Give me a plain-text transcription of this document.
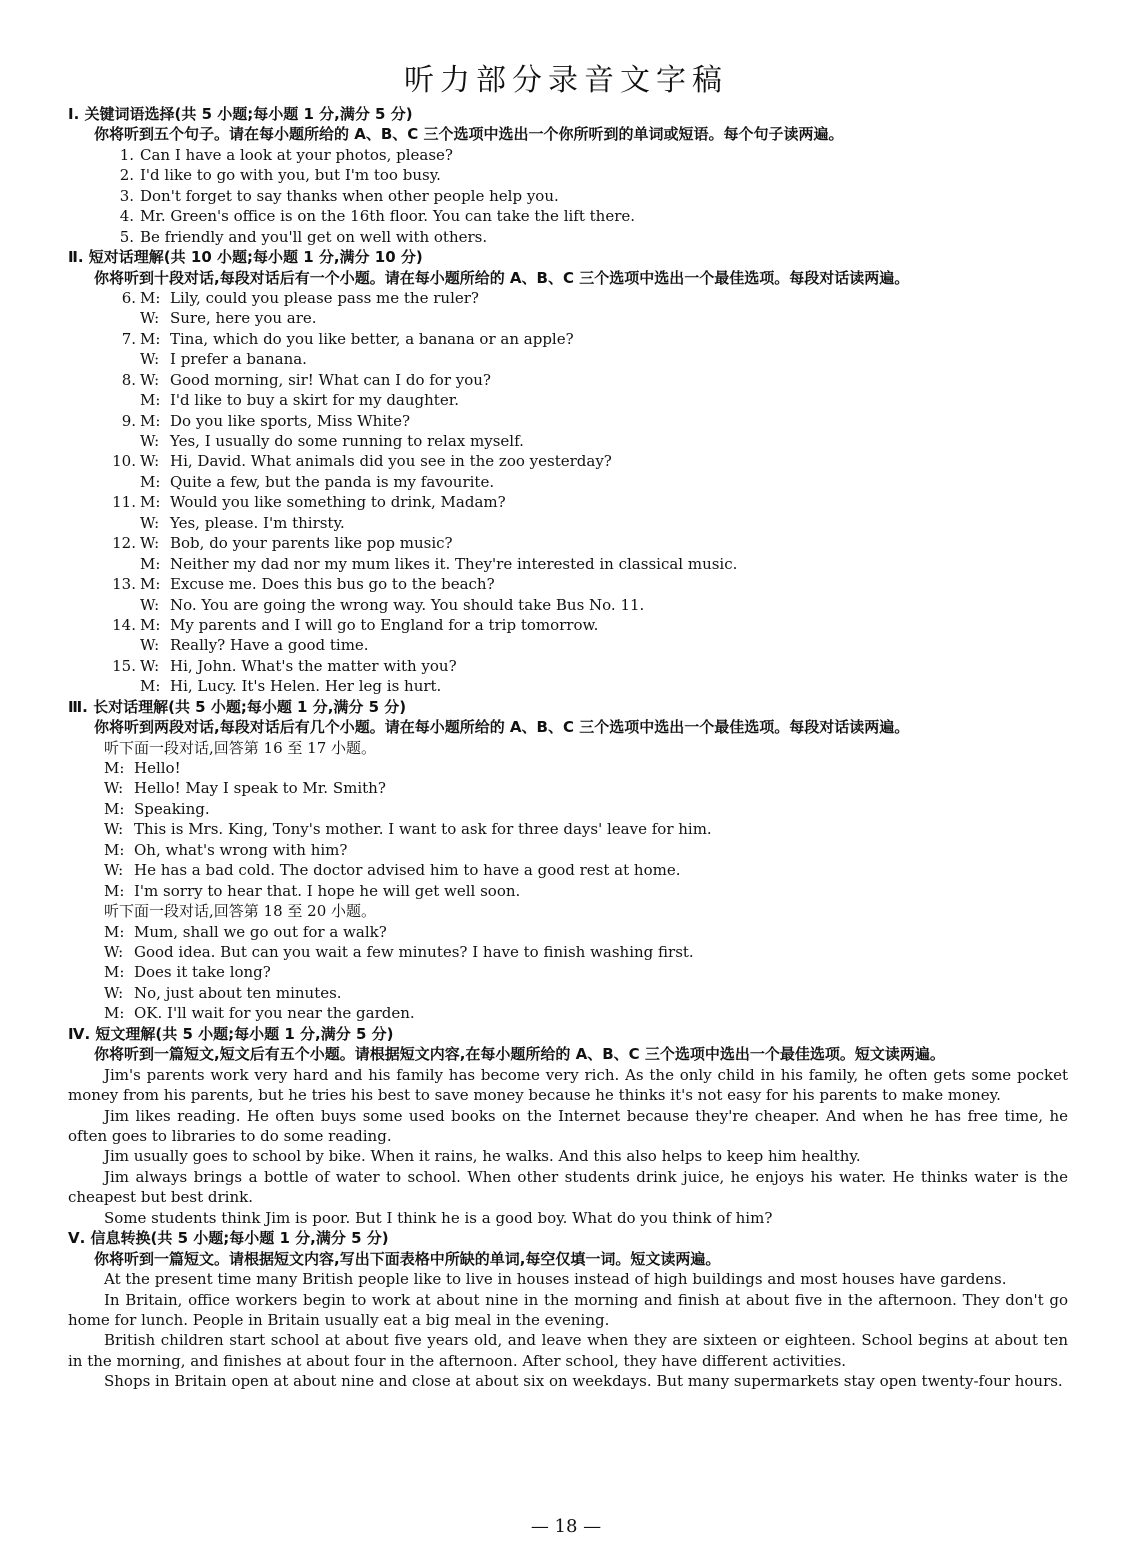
听力部分录音文字稿
Ⅰ. 关键词语选择(共 5 小题;每小题 1 分,满分 5 分)
你将听到五个句子。请在每小题所给的 A、B、C 三个选项中选出一个你所听到的单词或短语。每个句子读两遍。
1. Can I have a look at your photos, please?
2. I'd like to go with you, but I'm too busy.
3. Don't forget to say thanks when other people help you.
4. Mr. Green's office is on the 16th floor. You can take the lift there.
5. Be friendly and you'll get on well with others.
Ⅱ. 短对话理解(共 10 小题;每小题 1 分,满分 10 分)
你将听到十段对话,每段对话后有一个小题。请在每小题所给的 A、B、C 三个选项中选出一个最佳选项。每段对话读两遍。
6. M: Lily, could you please pass me the ruler?
W: Sure, here you are.
7. M: Tina, which do you like better, a banana or an apple?
W: I prefer a banana.
8. W: Good morning, sir! What can I do for you?
M: I'd like to buy a skirt for my daughter.
9. M: Do you like sports, Miss White?
W: Yes, I usually do some running to relax myself.
10. W: Hi, David. What animals did you see in the zoo yesterday?
M: Quite a few, but the panda is my favourite.
11. M: Would you like something to drink, Madam?
W: Yes, please. I'm thirsty.
12. W: Bob, do your parents like pop music?
M: Neither my dad nor my mum likes it. They're interested in classical music.
13. M: Excuse me. Does this bus go to the beach?
W: No. You are going the wrong way. You should take Bus No. 11.
14. M: My parents and I will go to England for a trip tomorrow.
W: Really? Have a good time.
15. W: Hi, John. What's the matter with you?
M: Hi, Lucy. It's Helen. Her leg is hurt.
Ⅲ. 长对话理解(共 5 小题;每小题 1 分,满分 5 分)
你将听到两段对话,每段对话后有几个小题。请在每小题所给的 A、B、C 三个选项中选出一个最佳选项。每段对话读两遍。
听下面一段对话,回答第 16 至 17 小题。
M: Hello!
W: Hello! May I speak to Mr. Smith?
M: Speaking.
W: This is Mrs. King, Tony's mother. I want to ask for three days' leave for him.
M: Oh, what's wrong with him?
W: He has a bad cold. The doctor advised him to have a good rest at home.
M: I'm sorry to hear that. I hope he will get well soon.
听下面一段对话,回答第 18 至 20 小题。
M: Mum, shall we go out for a walk?
W: Good idea. But can you wait a few minutes? I have to finish washing first.
M: Does it take long?
W: No, just about ten minutes.
M: OK. I'll wait for you near the garden.
Ⅳ. 短文理解(共 5 小题;每小题 1 分,满分 5 分)
你将听到一篇短文,短文后有五个小题。请根据短文内容,在每小题所给的 A、B、C 三个选项中选出一个最佳选项。短文读两遍。
Jim's parents work very hard and his family has become very rich. As the only child in his family, he often gets some pocket money from his parents, but he tries his best to save money because he thinks it's not easy for his parents to make money.
Jim likes reading. He often buys some used books on the Internet because they're cheaper. And when he has free time, he often goes to libraries to do some reading.
Jim usually goes to school by bike. When it rains, he walks. And this also helps to keep him healthy.
Jim always brings a bottle of water to school. When other students drink juice, he enjoys his water. He thinks water is the cheapest but best drink.
Some students think Jim is poor. But I think he is a good boy. What do you think of him?
Ⅴ. 信息转换(共 5 小题;每小题 1 分,满分 5 分)
你将听到一篇短文。请根据短文内容,写出下面表格中所缺的单词,每空仅填一词。短文读两遍。
At the present time many British people like to live in houses instead of high buildings and most houses have gardens.
In Britain, office workers begin to work at about nine in the morning and finish at about five in the afternoon. They don't go home for lunch. People in Britain usually eat a big meal in the evening.
British children start school at about five years old, and leave when they are sixteen or eighteen. School begins at about ten in the morning, and finishes at about four in the afternoon. After school, they have different activities.
Shops in Britain open at about nine and close at about six on weekdays. But many supermarkets stay open twenty-four hours.
— 18 —
